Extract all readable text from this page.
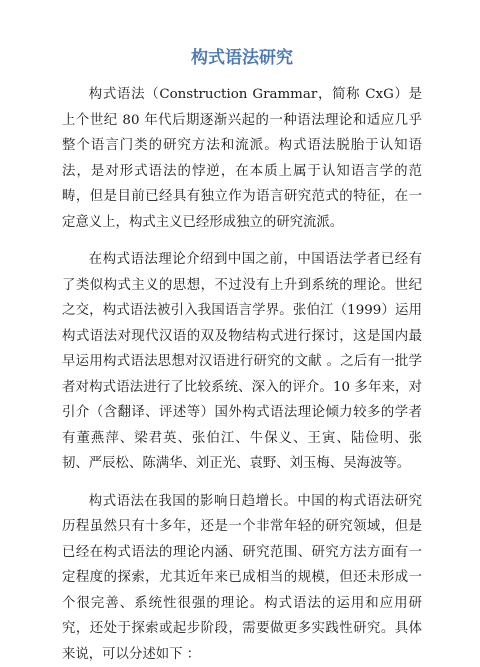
构式语法研究

构式语法（Construction Grammar，简称 CxG）是上个世纪 80 年代后期逐渐兴起的一种语法理论和适应几乎整个语言门类的研究方法和流派。构式语法脱胎于认知语法，是对形式语法的悖逆，在本质上属于认知语言学的范畴，但是目前已经具有独立作为语言研究范式的特征，在一定意义上，构式主义已经形成独立的研究流派。

在构式语法理论介绍到中国之前，中国语法学者已经有了类似构式主义的思想，不过没有上升到系统的理论。世纪之交，构式语法被引入我国语言学界。张伯江（1999）运用构式语法对现代汉语的双及物结构式进行探讨，这是国内最早运用构式语法思想对汉语进行研究的文献 。之后有一批学者对构式语法进行了比较系统、深入的评介。10 多年来，对引介（含翻译、评述等）国外构式语法理论倾力较多的学者有董燕萍、梁君英、张伯江、牛保义、王寅、陆俭明、张韧、严辰松、陈满华、刘正光、袁野、刘玉梅、吴海波等。

构式语法在我国的影响日趋增长。中国的构式语法研究历程虽然只有十多年，还是一个非常年轻的研究领域，但是已经在构式语法的理论内涵、研究范围、研究方法方面有一定程度的探索，尤其近年来已成相当的规模，但还未形成一个很完善、系统性很强的理论。构式语法的运用和应用研究，还处于探索或起步阶段，需要做更多实践性研究。具体来说，可以分述如下 ：
